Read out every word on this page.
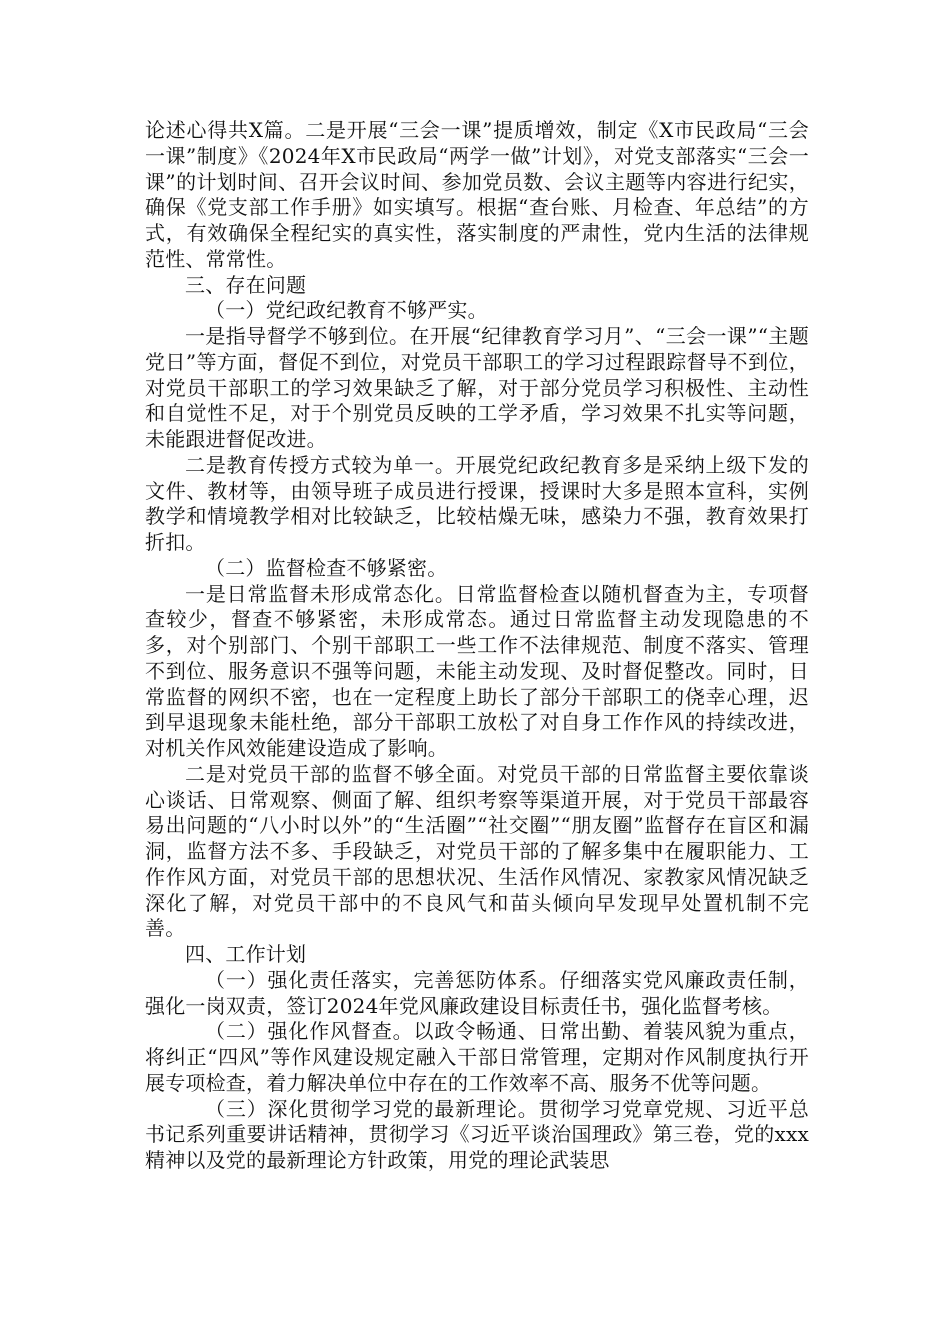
论述心得共X篇。二是开展“三会一课”提质增效，制定《X市民政局“三会一课”制度》《2024年X市民政局“两学一做”计划》，对党支部落实“三会一课”的计划时间、召开会议时间、参加党员数、会议主题等内容进行纪实，确保《党支部工作手册》如实填写。根据“查台账、月检查、年总结”的方式，有效确保全程纪实的真实性，落实制度的严肃性，党内生活的法律规范性、常常性。

三、存在问题

（一）党纪政纪教育不够严实。

一是指导督学不够到位。在开展“纪律教育学习月”、“三会一课”“主题党日”等方面，督促不到位，对党员干部职工的学习过程跟踪督导不到位，对党员干部职工的学习效果缺乏了解，对于部分党员学习积极性、主动性和自觉性不足，对于个别党员反映的工学矛盾，学习效果不扎实等问题，未能跟进督促改进。

二是教育传授方式较为单一。开展党纪政纪教育多是采纳上级下发的文件、教材等，由领导班子成员进行授课，授课时大多是照本宣科，实例教学和情境教学相对比较缺乏，比较枯燥无味，感染力不强，教育效果打折扣。

（二）监督检查不够紧密。

一是日常监督未形成常态化。日常监督检查以随机督查为主，专项督查较少，督查不够紧密，未形成常态。通过日常监督主动发现隐患的不多，对个别部门、个别干部职工一些工作不法律规范、制度不落实、管理不到位、服务意识不强等问题，未能主动发现、及时督促整改。同时，日常监督的网织不密，也在一定程度上助长了部分干部职工的侥幸心理，迟到早退现象未能杜绝，部分干部职工放松了对自身工作作风的持续改进，对机关作风效能建设造成了影响。

二是对党员干部的监督不够全面。对党员干部的日常监督主要依靠谈心谈话、日常观察、侧面了解、组织考察等渠道开展，对于党员干部最容易出问题的“八小时以外”的“生活圈”“社交圈”“朋友圈”监督存在盲区和漏洞，监督方法不多、手段缺乏，对党员干部的了解多集中在履职能力、工作作风方面，对党员干部的思想状况、生活作风情况、家教家风情况缺乏深化了解，对党员干部中的不良风气和苗头倾向早发现早处置机制不完善。

四、工作计划

（一）强化责任落实，完善惩防体系。仔细落实党风廉政责任制，强化一岗双责，签订2024年党风廉政建设目标责任书，强化监督考核。

（二）强化作风督查。以政令畅通、日常出勤、着装风貌为重点，将纠正“四风”等作风建设规定融入干部日常管理，定期对作风制度执行开展专项检查，着力解决单位中存在的工作效率不高、服务不优等问题。

（三）深化贯彻学习党的最新理论。贯彻学习党章党规、习近平总书记系列重要讲话精神，贯彻学习《习近平谈治国理政》第三卷，党的xxx精神以及党的最新理论方针政策，用党的理论武装思
